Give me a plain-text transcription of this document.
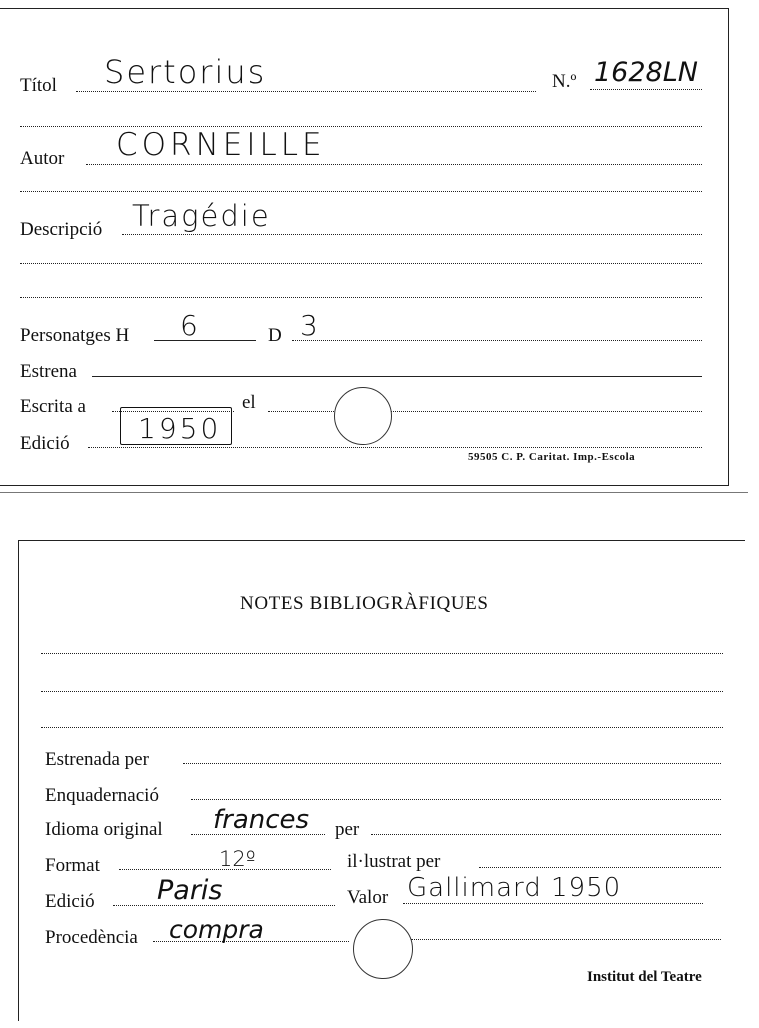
Títol Sertorius	N.º 1628LN
Autor CORNEILLE
Descripció Tragédie
Personatges H 6	D 3
Estrena
Escrita a	el
Edició 1950
59505 C. P. Caritat. Imp.-Escola
NOTES BIBLIOGRÀFIQUES
Estrenada per
Enquadernació
Idioma original frances per
Format	12º	il·lustrat per
Edició Paris	Valor Gallimard 1950
Procedència compra
Institut del Teatre
